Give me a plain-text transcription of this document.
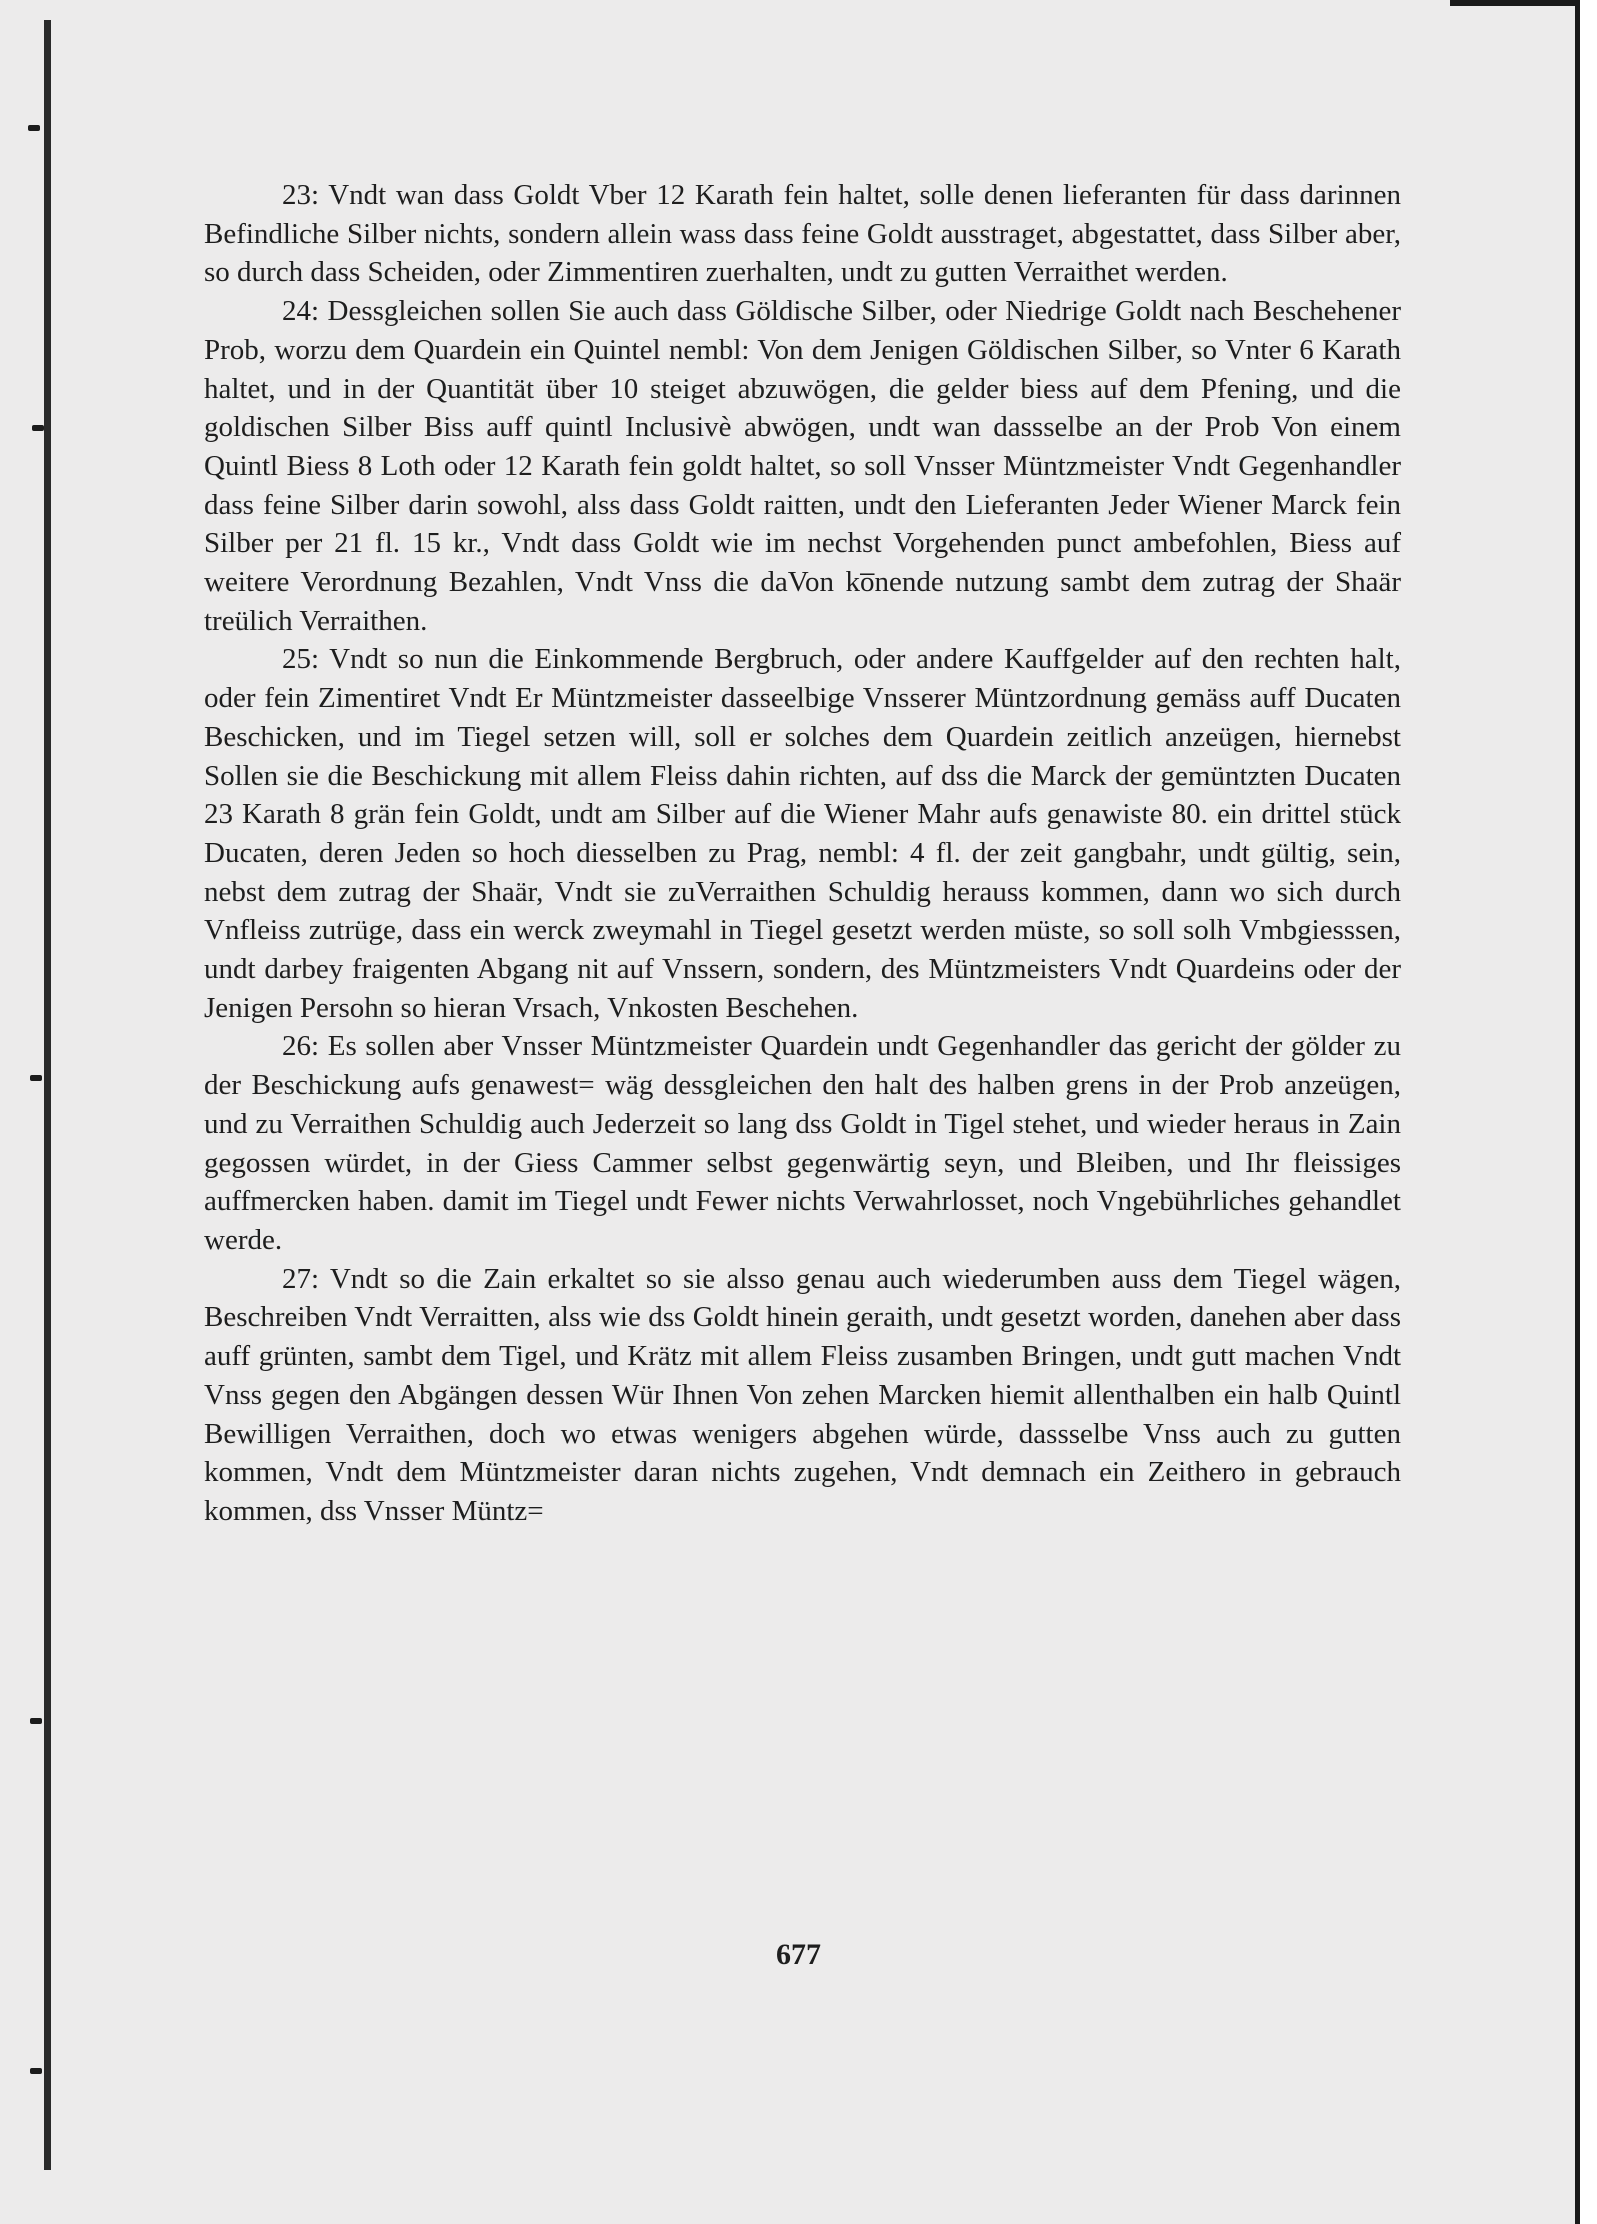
23: Vndt wan dass Goldt Vber 12 Karath fein haltet, solle denen lieferanten für dass darinnen Befindliche Silber nichts, sondern allein wass dass feine Goldt ausstraget, abgestattet, dass Silber aber, so durch dass Scheiden, oder Zimmentiren zuerhalten, undt zu gutten Verraithet werden.

24: Dessgleichen sollen Sie auch dass Göldische Silber, oder Niedrige Goldt nach Beschehener Prob, worzu dem Quardein ein Quintel nembl: Von dem Jenigen Göldischen Silber, so Vnter 6 Karath haltet, und in der Quantität über 10 steiget abzuwögen, die gelder biess auf dem Pfening, und die goldischen Silber Biss auff quintl Inclusivè abwögen, undt wan dassselbe an der Prob Von einem Quintl Biess 8 Loth oder 12 Karath fein goldt haltet, so soll Vnsser Müntzmeister Vndt Gegenhandler dass feine Silber darin sowohl, alss dass Goldt raitten, undt den Lieferanten Jeder Wiener Marck fein Silber per 21 fl. 15 kr., Vndt dass Goldt wie im nechst Vorgehenden punct ambefohlen, Biess auf weitere Verordnung Bezahlen, Vndt Vnss die daVon ko̅nende nutzung sambt dem zutrag der Shaär treülich Verraithen.

25: Vndt so nun die Einkommende Bergbruch, oder andere Kauffgelder auf den rechten halt, oder fein Zimentiret Vndt Er Müntzmeister dasseelbige Vnsserer Müntzordnung gemäss auff Ducaten Beschicken, und im Tiegel setzen will, soll er solches dem Quardein zeitlich anzeügen, hiernebst Sollen sie die Beschickung mit allem Fleiss dahin richten, auf dss die Marck der gemüntzten Ducaten 23 Karath 8 grän fein Goldt, undt am Silber auf die Wiener Mahr aufs genawiste 80. ein drittel stück Ducaten, deren Jeden so hoch diesselben zu Prag, nembl: 4 fl. der zeit gangbahr, undt gültig, sein, nebst dem zutrag der Shaär, Vndt sie zuVerraithen Schuldig herauss kommen, dann wo sich durch Vnfleiss zutrüge, dass ein werck zweymahl in Tiegel gesetzt werden müste, so soll solh Vmbgiesssen, undt darbey fraigenten Abgang nit auf Vnssern, sondern, des Müntzmeisters Vndt Quardeins oder der Jenigen Persohn so hieran Vrsach, Vnkosten Beschehen.

26: Es sollen aber Vnsser Müntzmeister Quardein undt Gegenhandler das gericht der gölder zu der Beschickung aufs genawest= wäg dessgleichen den halt des halben grens in der Prob anzeügen, und zu Verraithen Schuldig auch Jederzeit so lang dss Goldt in Tigel stehet, und wieder heraus in Zain gegossen würdet, in der Giess Cammer selbst gegenwärtig seyn, und Bleiben, und Ihr fleissiges auffmercken haben. damit im Tiegel undt Fewer nichts Verwahrlosset, noch Vngebührliches gehandlet werde.

27: Vndt so die Zain erkaltet so sie alsso genau auch wiederumben auss dem Tiegel wägen, Beschreiben Vndt Verraitten, alss wie dss Goldt hinein geraith, undt gesetzt worden, danehen aber dass auff grünten, sambt dem Tigel, und Krätz mit allem Fleiss zusamben Bringen, undt gutt machen Vndt Vnss gegen den Abgängen dessen Wür Ihnen Von zehen Marcken hiemit allenthalben ein halb Quintl Bewilligen Verraithen, doch wo etwas wenigers abgehen würde, dassselbe Vnss auch zu gutten kommen, Vndt dem Müntzmeister daran nichts zugehen, Vndt demnach ein Zeithero in gebrauch kommen, dss Vnsser Müntz=

677
